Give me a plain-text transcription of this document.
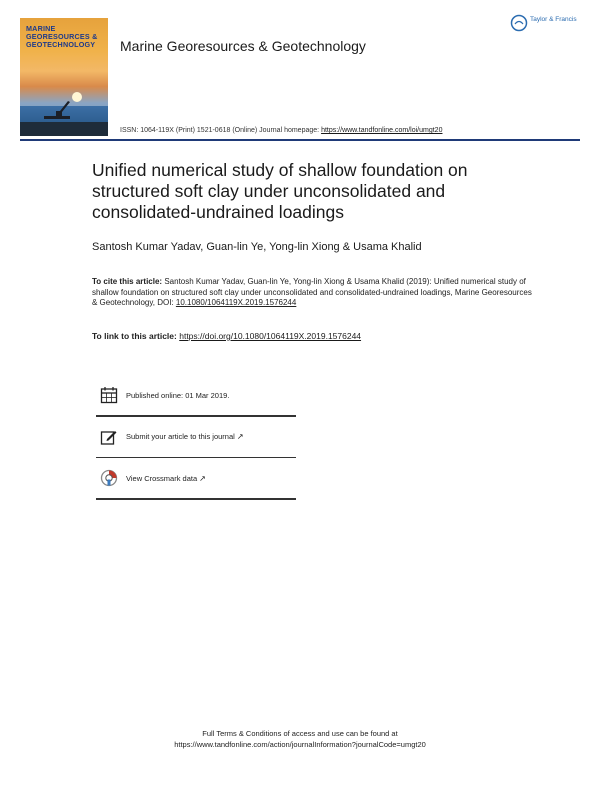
MARINE GEORESOURCES & GEOTECHNOLOGY	Marine Georesources & Geotechnology
Taylor & Francis
ISSN: 1064-119X (Print) 1521-0618 (Online) Journal homepage: https://www.tandfonline.com/loi/umgt20
Unified numerical study of shallow foundation on structured soft clay under unconsolidated and consolidated-undrained loadings
Santosh Kumar Yadav, Guan-lin Ye, Yong-lin Xiong & Usama Khalid
To cite this article: Santosh Kumar Yadav, Guan-lin Ye, Yong-lin Xiong & Usama Khalid (2019): Unified numerical study of shallow foundation on structured soft clay under unconsolidated and consolidated-undrained loadings, Marine Georesources & Geotechnology, DOI: 10.1080/1064119X.2019.1576244
To link to this article: https://doi.org/10.1080/1064119X.2019.1576244
Published online: 01 Mar 2019.
Submit your article to this journal ↗
View Crossmark data ↗
Full Terms & Conditions of access and use can be found at
https://www.tandfonline.com/action/journalInformation?journalCode=umgt20
